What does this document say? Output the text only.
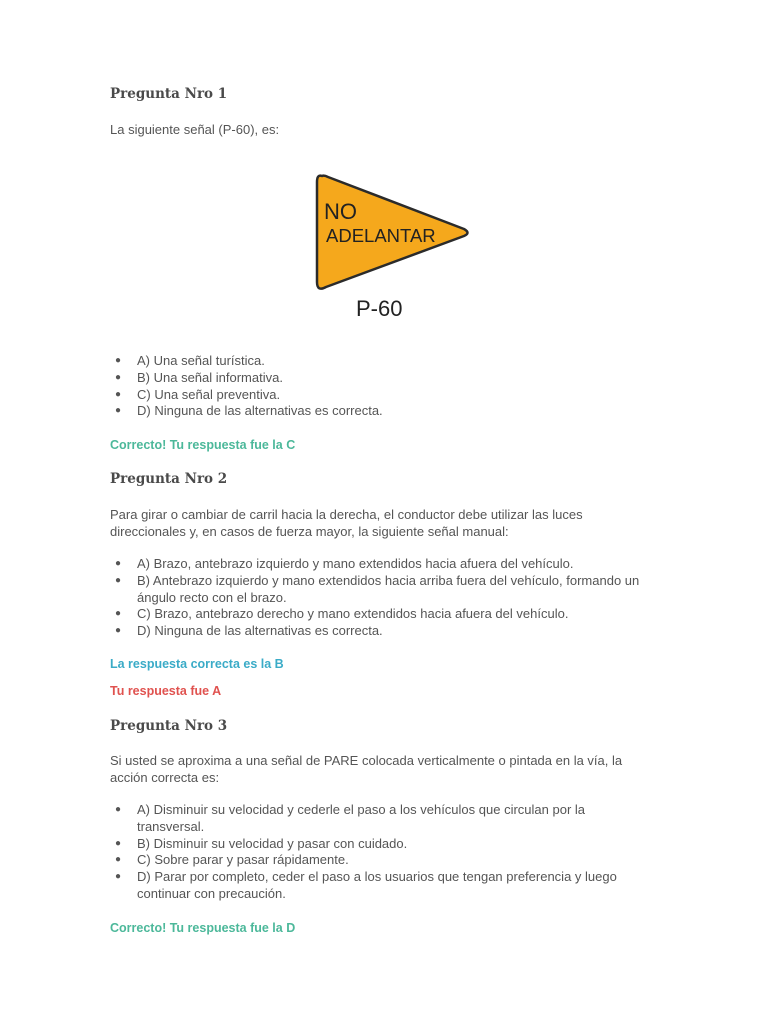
Pregunta Nro 1
La siguiente señal (P-60), es:
● A) Una señal turística.
● B) Una señal informativa.
● C) Una señal preventiva.
● D) Ninguna de las alternativas es correcta.
Correcto! Tu respuesta fue la C
Pregunta Nro 2
Para girar o cambiar de carril hacia la derecha, el conductor debe utilizar las luces direccionales y, en casos de fuerza mayor, la siguiente señal manual:
● A) Brazo, antebrazo izquierdo y mano extendidos hacia afuera del vehículo.
● B) Antebrazo izquierdo y mano extendidos hacia arriba fuera del vehículo, formando un ángulo recto con el brazo.
● C) Brazo, antebrazo derecho y mano extendidos hacia afuera del vehículo.
● D) Ninguna de las alternativas es correcta.
La respuesta correcta es la B
Tu respuesta fue A
Pregunta Nro 3
Si usted se aproxima a una señal de PARE colocada verticalmente o pintada en la vía, la acción correcta es:
● A) Disminuir su velocidad y cederle el paso a los vehículos que circulan por la transversal.
● B) Disminuir su velocidad y pasar con cuidado.
● C) Sobre parar y pasar rápidamente.
● D) Parar por completo, ceder el paso a los usuarios que tengan preferencia y luego continuar con precaución.
Correcto! Tu respuesta fue la D
NO
ADELANTAR
P-60
